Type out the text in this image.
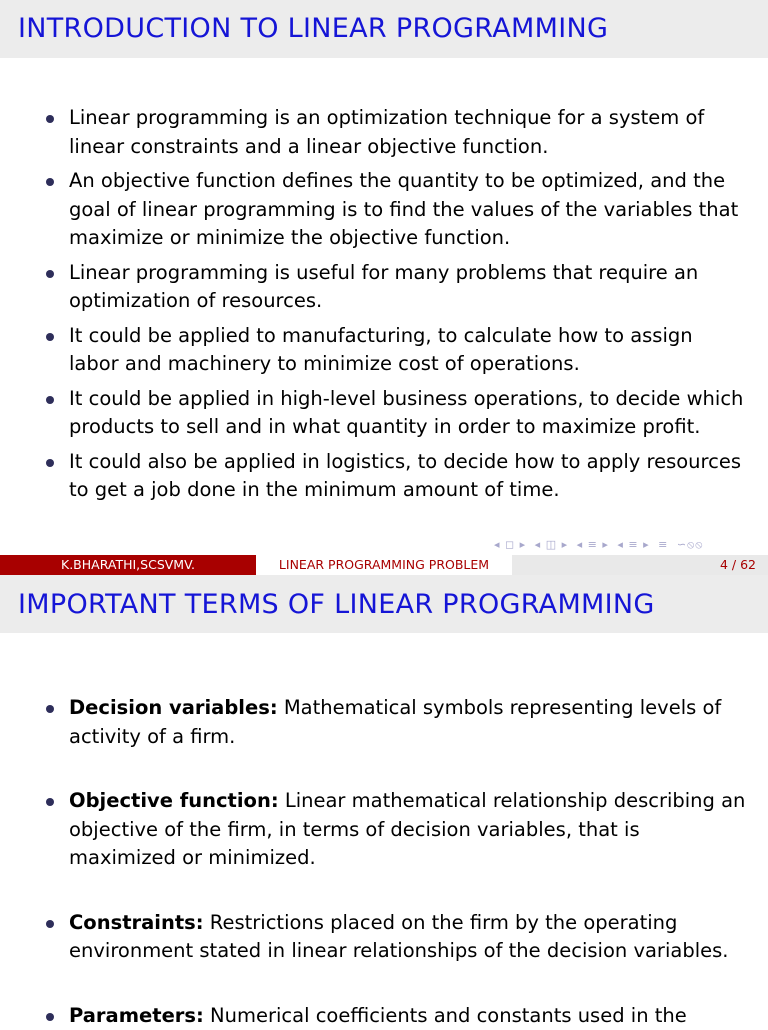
INTRODUCTION TO LINEAR PROGRAMMING
Linear programming is an optimization technique for a system of linear constraints and a linear objective function.
An objective function defines the quantity to be optimized, and the goal of linear programming is to find the values of the variables that maximize or minimize the objective function.
Linear programming is useful for many problems that require an optimization of resources.
It could be applied to manufacturing, to calculate how to assign labor and machinery to minimize cost of operations.
It could be applied in high-level business operations, to decide which products to sell and in what quantity in order to maximize profit.
It could also be applied in logistics, to decide how to apply resources to get a job done in the minimum amount of time.
◂ ◻ ▸ ◂ ◫ ▸ ◂ ≡ ▸ ◂ ≡ ▸ ≡ ∽⦸⦸
K.BHARATHI,SCSVMV.	LINEAR PROGRAMMING PROBLEM	4 / 62
IMPORTANT TERMS OF LINEAR PROGRAMMING
Decision variables: Mathematical symbols representing levels of activity of a firm.
Objective function: Linear mathematical relationship describing an objective of the firm, in terms of decision variables, that is maximized or minimized.
Constraints: Restrictions placed on the firm by the operating environment stated in linear relationships of the decision variables.
Parameters: Numerical coefficients and constants used in the
